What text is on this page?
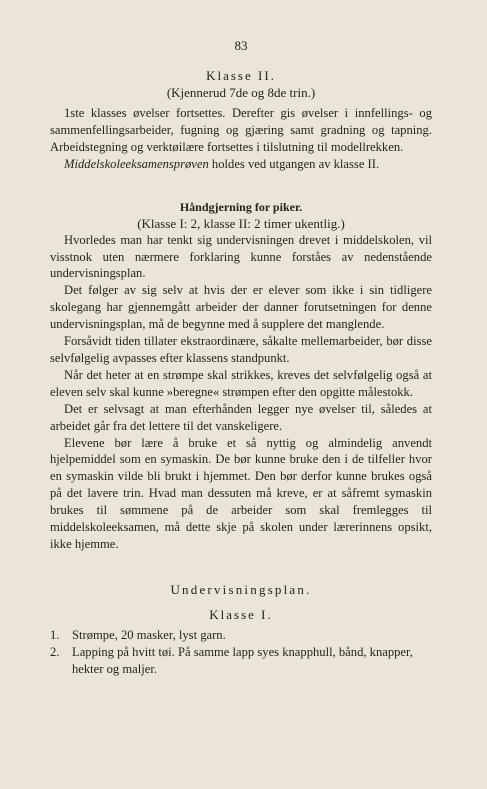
83
Klasse II.
(Kjennerud 7de og 8de trin.)

1ste klasses øvelser fortsettes. Derefter gis øvelser i innfellings- og sammenfellingsarbeider, fugning og gjæring samt gradning og tapning. Arbeidstegning og verktøilære fortsettes i tilslutning til modellrekken.

Middelskoleeksamensprøven holdes ved utgangen av klasse II.

Håndgjerning for piker.
(Klasse I: 2, klasse II: 2 timer ukentlig.)

Hvorledes man har tenkt sig undervisningen drevet i middelskolen, vil visstnok uten nærmere forklaring kunne forståes av nedenstående undervisningsplan.

Det følger av sig selv at hvis der er elever som ikke i sin tidligere skolegang har gjennemgått arbeider der danner forutsetningen for denne undervisningsplan, må de begynne med å supplere det manglende.

Forsåvidt tiden tillater ekstraordinære, såkalte mellemarbeider, bør disse selvfølgelig avpasses efter klassens standpunkt.

Når det heter at en strømpe skal strikkes, kreves det selvfølgelig også at eleven selv skal kunne »beregne« strømpen efter den opgitte målestokk.

Det er selvsagt at man efterhånden legger nye øvelser til, således at arbeidet går fra det lettere til det vanskeligere.

Elevene bør lære å bruke et så nyttig og almindelig anvendt hjelpemiddel som en symaskin. De bør kunne bruke den i de tilfeller hvor en symaskin vilde bli brukt i hjemmet. Den bør derfor kunne brukes også på det lavere trin. Hvad man dessuten må kreve, er at såfremt symaskin brukes til sømmene på de arbeider som skal fremlegges til middelskoleeksamen, må dette skje på skolen under lærerinnens opsikt, ikke hjemme.

Undervisningsplan.
Klasse I.
1. Strømpe, 20 masker, lyst garn.
2. Lapping på hvitt tøi. På samme lapp syes knapphull, bånd, knapper, hekter og maljer.
